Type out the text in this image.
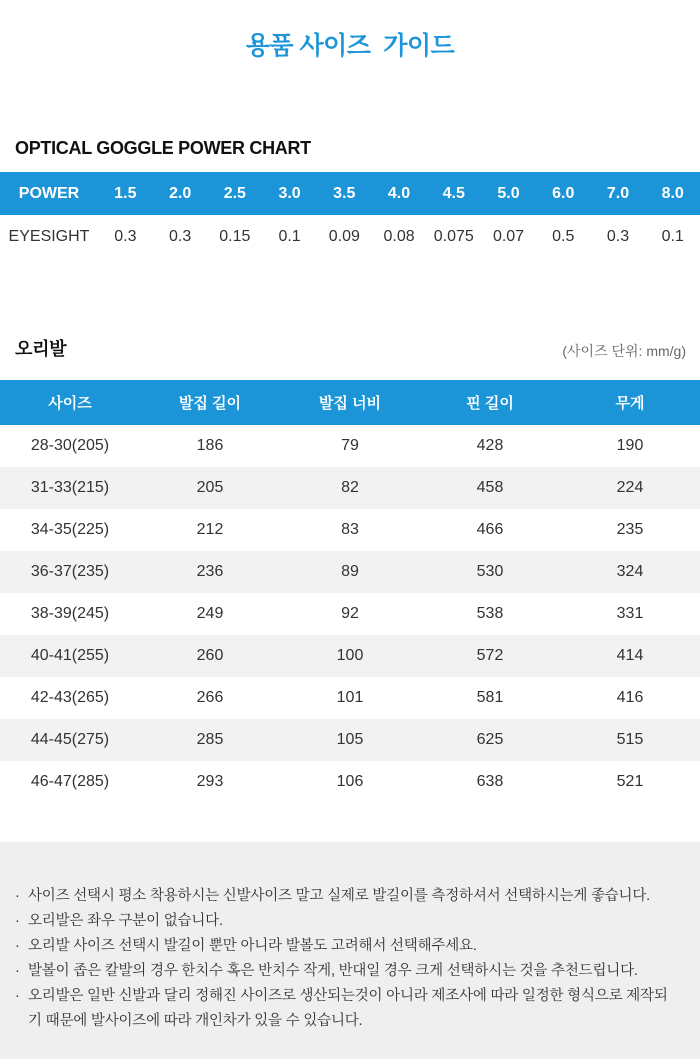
용품 사이즈  가이드
OPTICAL GOGGLE POWER CHART
POWER	1.5	2.0	2.5	3.0	3.5	4.0	4.5	5.0	6.0	7.0	8.0
EYESIGHT	0.3	0.3	0.15	0.1	0.09	0.08	0.075	0.07	0.5	0.3	0.1
오리발	(사이즈 단위: mm/g)
사이즈	발집 길이	발집 너비	핀 길이	무게
28-30(205)	186	79	428	190
31-33(215)	205	82	458	224
34-35(225)	212	83	466	235
36-37(235)	236	89	530	324
38-39(245)	249	92	538	331
40-41(255)	260	100	572	414
42-43(265)	266	101	581	416
44-45(275)	285	105	625	515
46-47(285)	293	106	638	521
· 사이즈 선택시 평소 착용하시는 신발사이즈 말고 실제로 발길이를 측정하셔서 선택하시는게 좋습니다.
· 오리발은 좌우 구분이 없습니다.
· 오리발 사이즈 선택시 발길이 뿐만 아니라 발볼도 고려해서 선택해주세요.
· 발볼이 좁은 칼발의 경우 한치수 혹은 반치수 작게, 반대일 경우 크게 선택하시는 것을 추천드립니다.
· 오리발은 일반 신발과 달리 정해진 사이즈로 생산되는것이 아니라 제조사에 따라 일정한 형식으로 제작되기 때문에 발사이즈에 따라 개인차가 있을 수 있습니다.
